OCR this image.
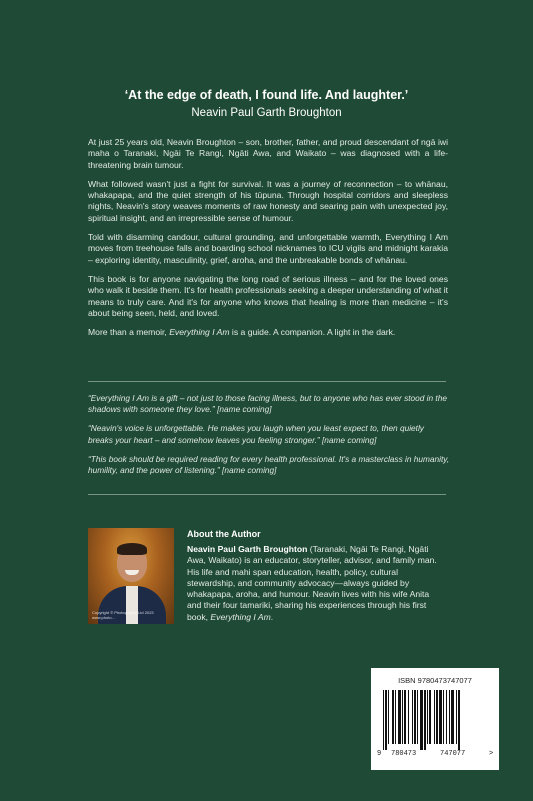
‘At the edge of death, I found life. And laughter.’

Neavin Paul Garth Broughton

At just 25 years old, Neavin Broughton – son, brother, father, and proud descendant of ngā iwi maha o Taranaki, Ngāi Te Rangi, Ngāti Awa, and Waikato – was diagnosed with a life-threatening brain tumour.

What followed wasn't just a fight for survival. It was a journey of reconnection – to whānau, whakapapa, and the quiet strength of his tūpuna. Through hospital corridors and sleepless nights, Neavin's story weaves moments of raw honesty and searing pain with unexpected joy, spiritual insight, and an irrepressible sense of humour.

Told with disarming candour, cultural grounding, and unforgettable warmth, Everything I Am moves from treehouse falls and boarding school nicknames to ICU vigils and midnight karakia – exploring identity, masculinity, grief, aroha, and the unbreakable bonds of whānau.

This book is for anyone navigating the long road of serious illness – and for the loved ones who walk it beside them. It's for health professionals seeking a deeper understanding of what it means to truly care. And it's for anyone who knows that healing is more than medicine – it's about being seen, held, and loved.

More than a memoir, Everything I Am is a guide. A companion. A light in the dark.

“Everything I Am is a gift – not just to those facing illness, but to anyone who has ever stood in the shadows with someone they love.” [name coming]

“Neavin's voice is unforgettable. He makes you laugh when you least expect to, then quietly breaks your heart – and somehow leaves you feeling stronger.” [name coming]

“This book should be required reading for every health professional. It's a masterclass in humanity, humility, and the power of listening.” [name coming]

Copyright © Photography Ltd 2023 www.photo...

About the Author

Neavin Paul Garth Broughton (Taranaki, Ngāi Te Rangi, Ngāti Awa, Waikato) is an educator, storyteller, advisor, and family man. His life and mahi span education, health, policy, cultural stewardship, and community advocacy—always guided by whakapapa, aroha, and humour. Neavin lives with his wife Anita and their four tamariki, sharing his experiences through his first book, Everything I Am.

ISBN 9780473747077
9 780473	747077	>
